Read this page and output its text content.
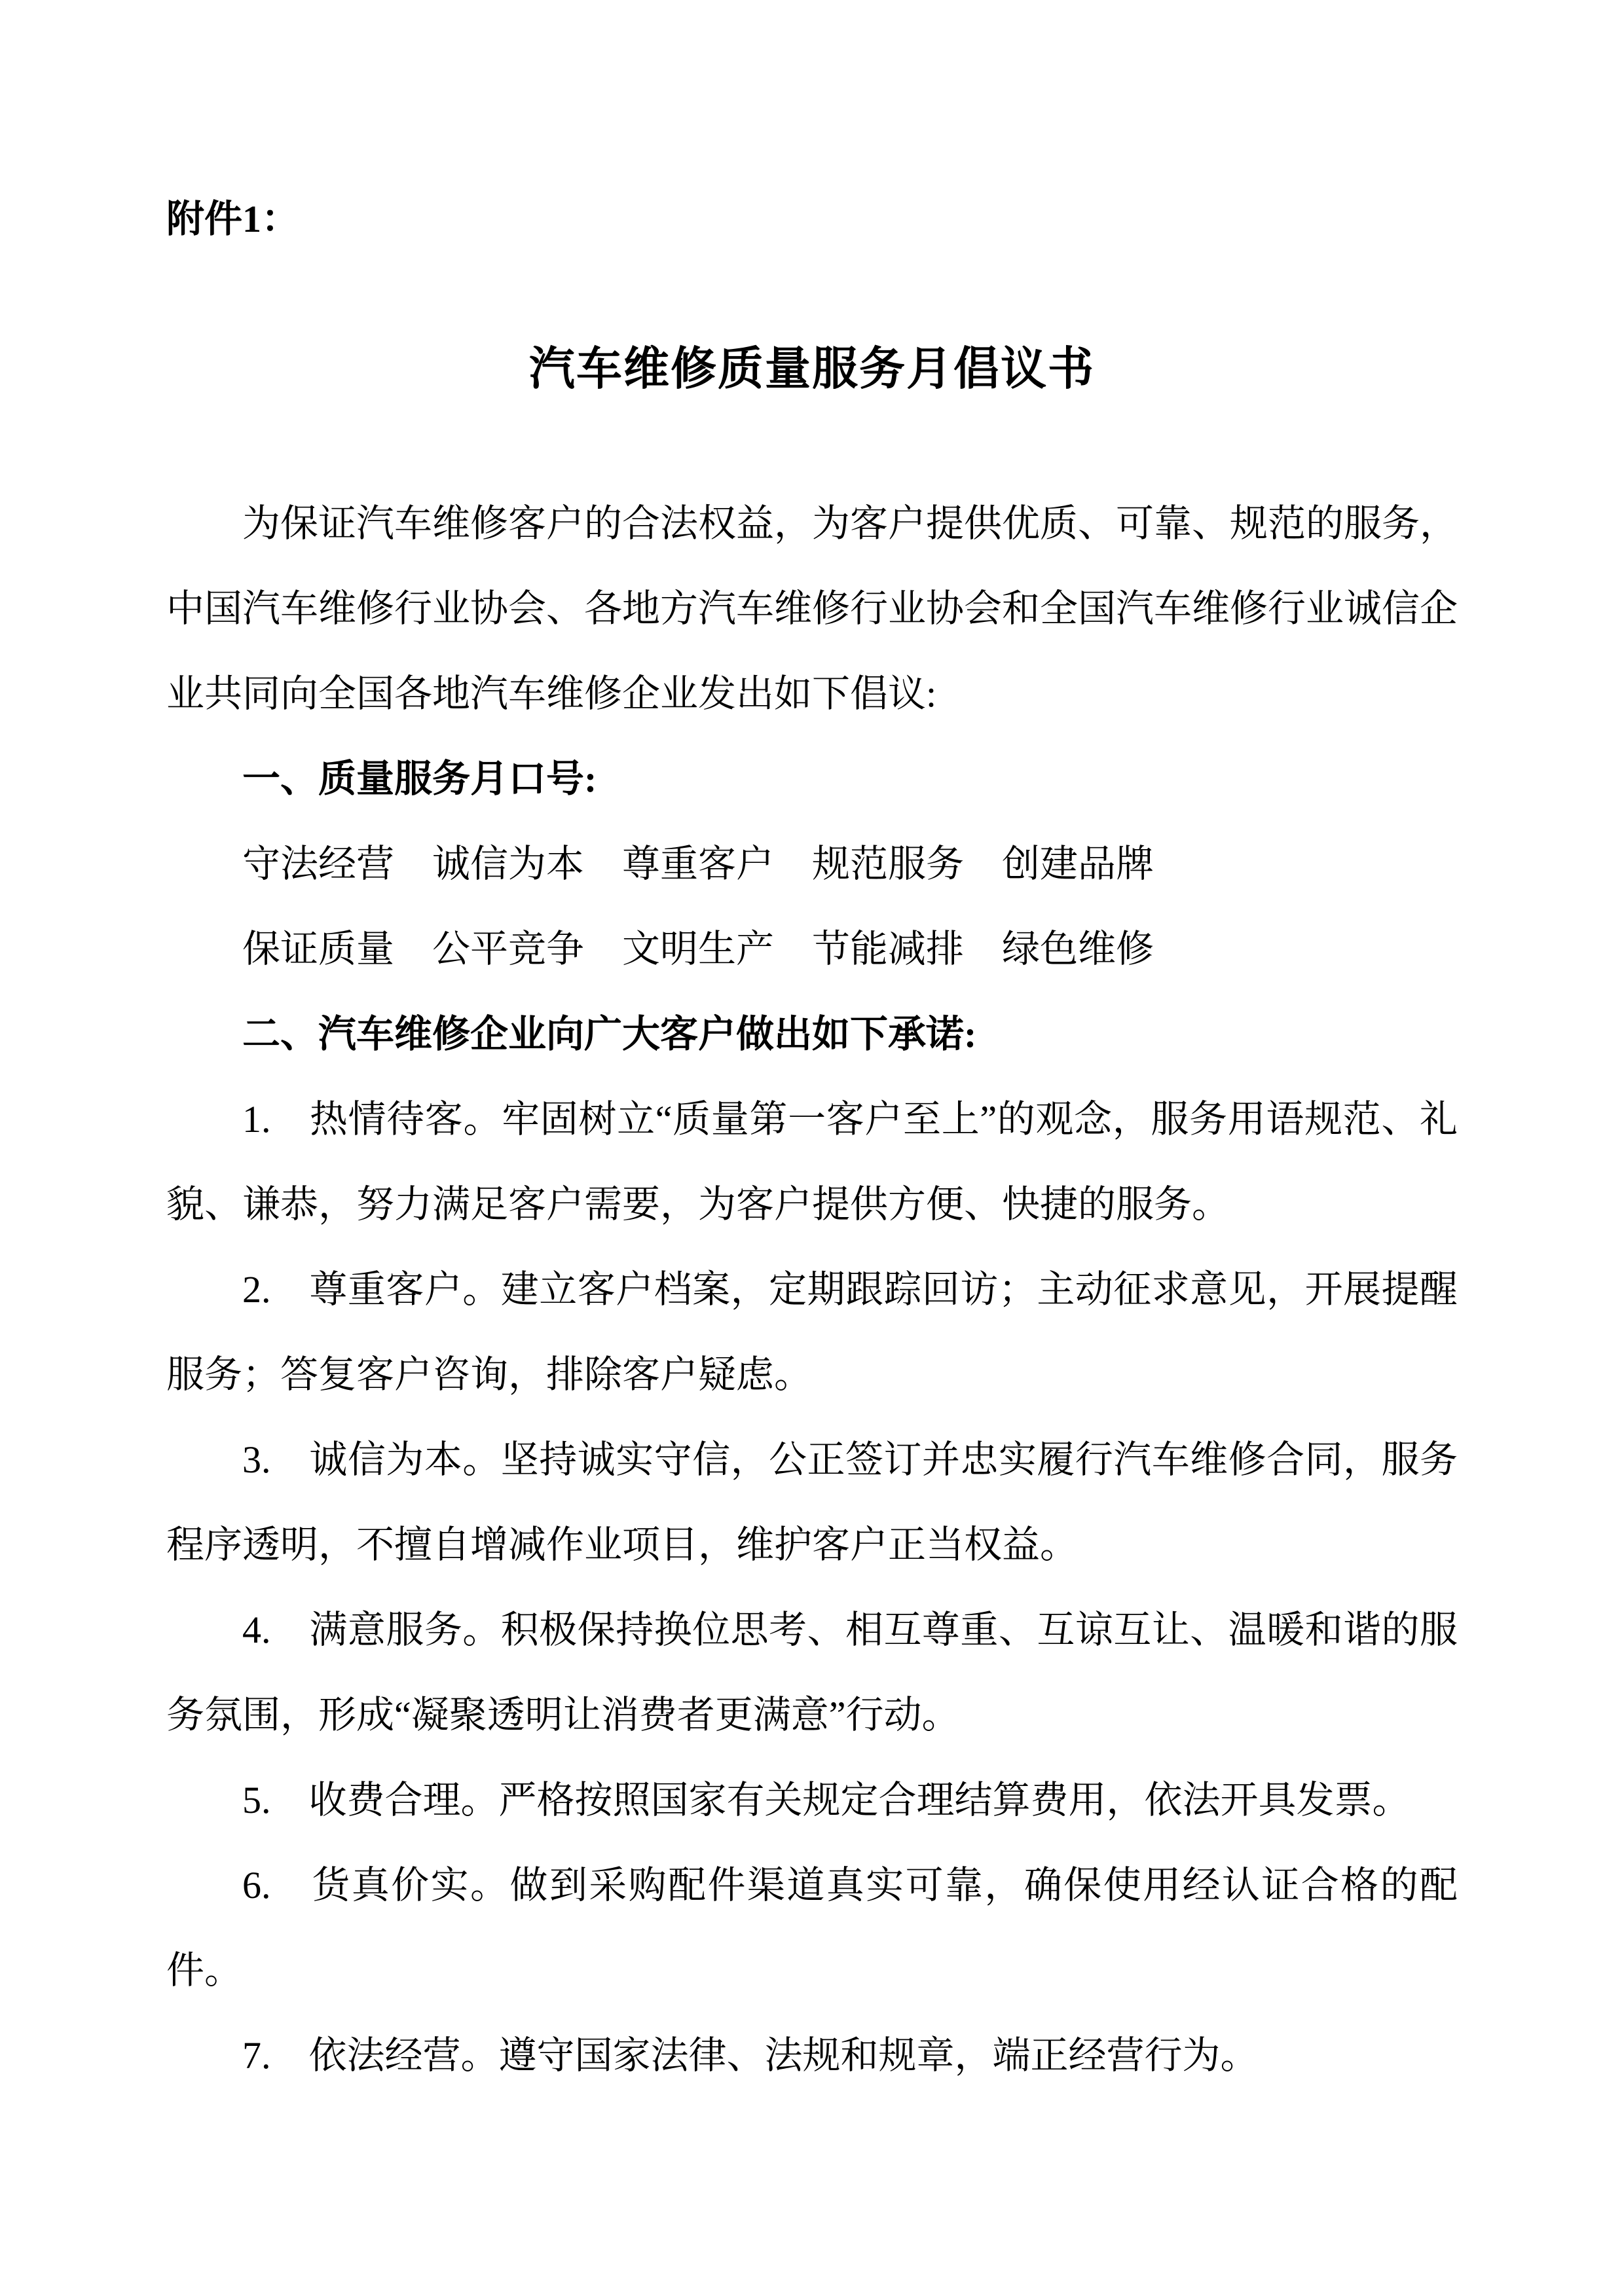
附件1：
汽车维修质量服务月倡议书

为保证汽车维修客户的合法权益，为客户提供优质、可靠、规范的服务，中国汽车维修行业协会、各地方汽车维修行业协会和全国汽车维修行业诚信企业共同向全国各地汽车维修企业发出如下倡议:

一、质量服务月口号:

守法经营　诚信为本　尊重客户　规范服务　创建品牌

保证质量　公平竞争　文明生产　节能减排　绿色维修

二、汽车维修企业向广大客户做出如下承诺:

1.　热情待客。牢固树立“质量第一客户至上”的观念，服务用语规范、礼貌、谦恭，努力满足客户需要，为客户提供方便、快捷的服务。

2.　尊重客户。建立客户档案，定期跟踪回访；主动征求意见，开展提醒服务；答复客户咨询，排除客户疑虑。

3.　诚信为本。坚持诚实守信，公正签订并忠实履行汽车维修合同，服务程序透明，不擅自增减作业项目，维护客户正当权益。

4.　满意服务。积极保持换位思考、相互尊重、互谅互让、温暖和谐的服务氛围，形成“凝聚透明让消费者更满意”行动。

5.　收费合理。严格按照国家有关规定合理结算费用，依法开具发票。

6.　货真价实。做到采购配件渠道真实可靠，确保使用经认证合格的配件。

7.　依法经营。遵守国家法律、法规和规章，端正经营行为。
